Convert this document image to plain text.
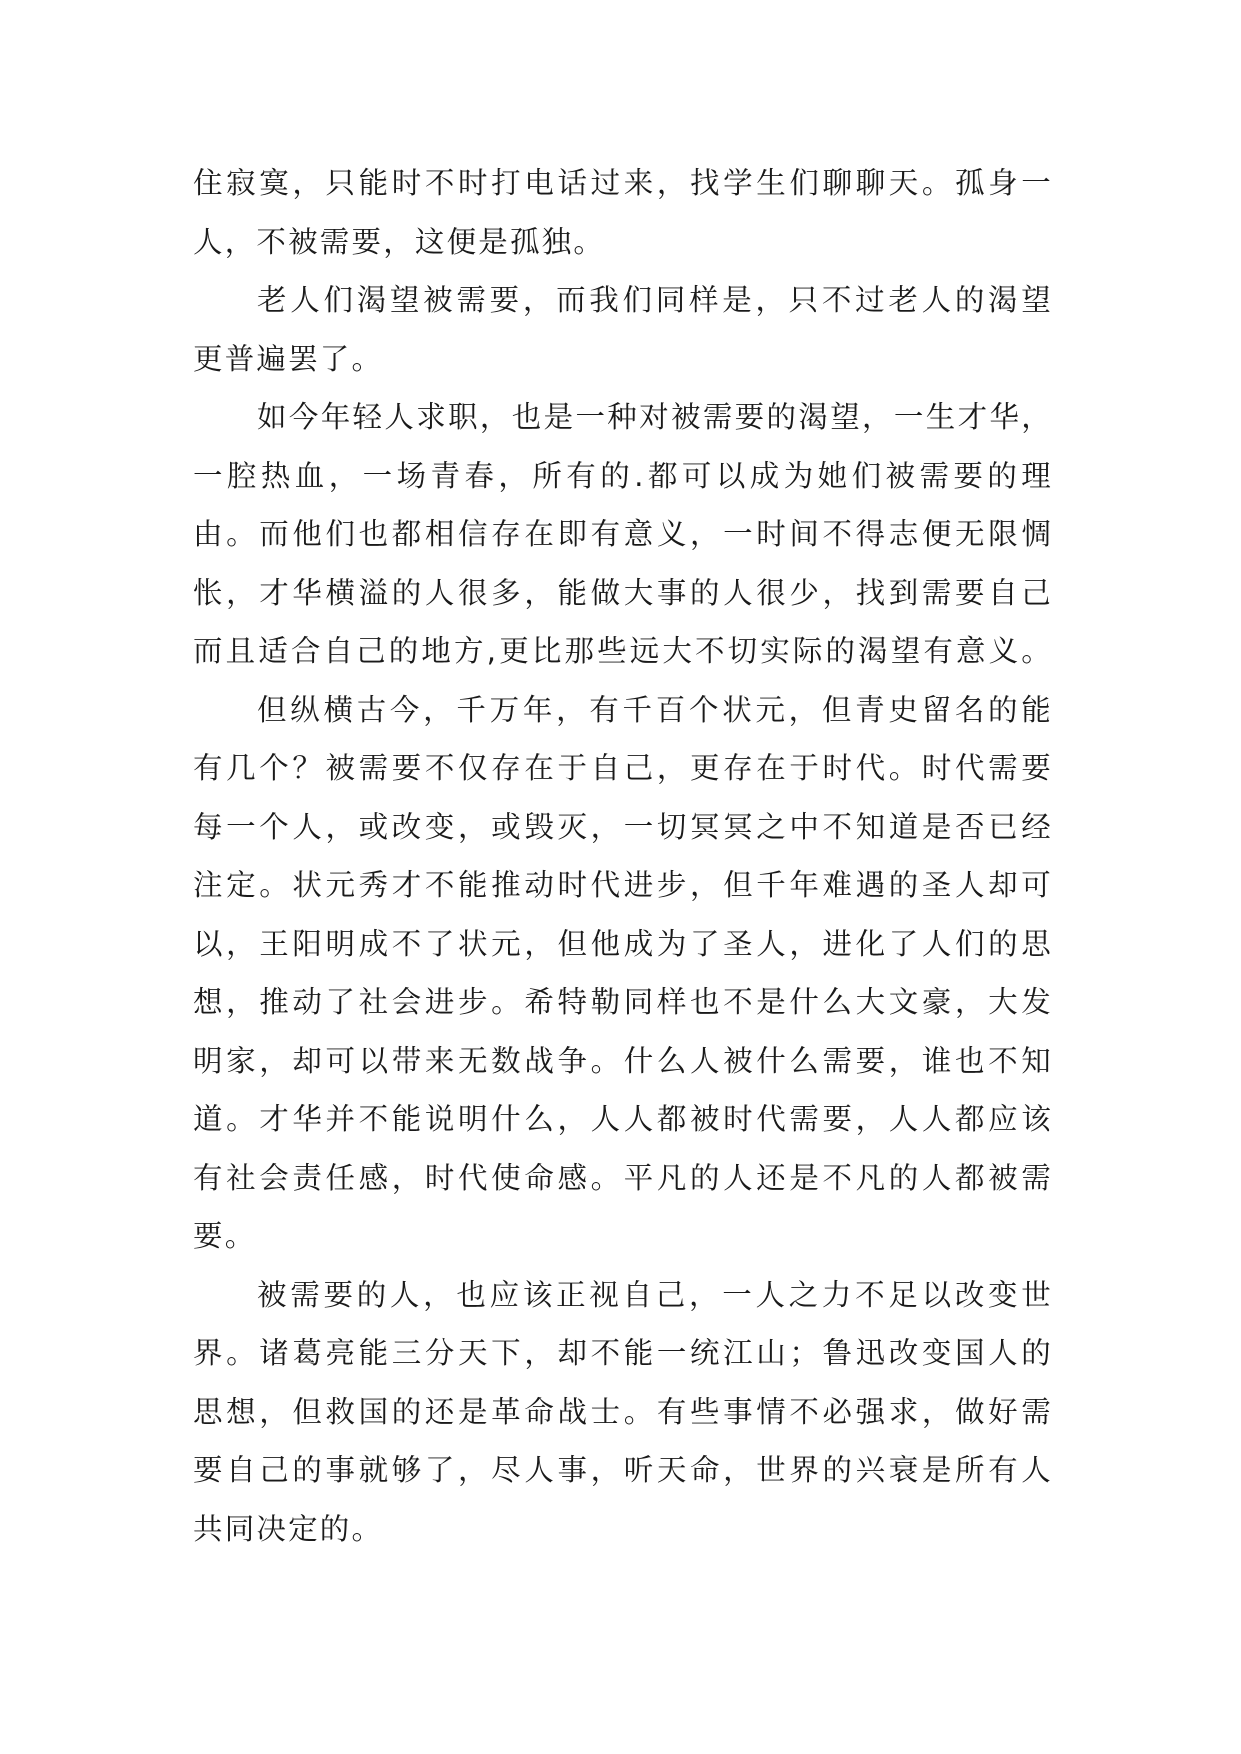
住寂寞，只能时不时打电话过来，找学生们聊聊天。孤身一
人，不被需要，这便是孤独。
老人们渴望被需要，而我们同样是，只不过老人的渴望
更普遍罢了。
如今年轻人求职，也是一种对被需要的渴望，一生才华，
一腔热血，一场青春，所有的.都可以成为她们被需要的理
由。而他们也都相信存在即有意义，一时间不得志便无限惆
怅，才华横溢的人很多，能做大事的人很少，找到需要自己
而且适合自己的地方,更比那些远大不切实际的渴望有意义。
但纵横古今，千万年，有千百个状元，但青史留名的能
有几个？被需要不仅存在于自己，更存在于时代。时代需要
每一个人，或改变，或毁灭，一切冥冥之中不知道是否已经
注定。状元秀才不能推动时代进步，但千年难遇的圣人却可
以，王阳明成不了状元，但他成为了圣人，进化了人们的思
想，推动了社会进步。希特勒同样也不是什么大文豪，大发
明家，却可以带来无数战争。什么人被什么需要，谁也不知
道。才华并不能说明什么，人人都被时代需要，人人都应该
有社会责任感，时代使命感。平凡的人还是不凡的人都被需
要。
被需要的人，也应该正视自己，一人之力不足以改变世
界。诸葛亮能三分天下，却不能一统江山；鲁迅改变国人的
思想，但救国的还是革命战士。有些事情不必强求，做好需
要自己的事就够了，尽人事，听天命，世界的兴衰是所有人
共同决定的。
